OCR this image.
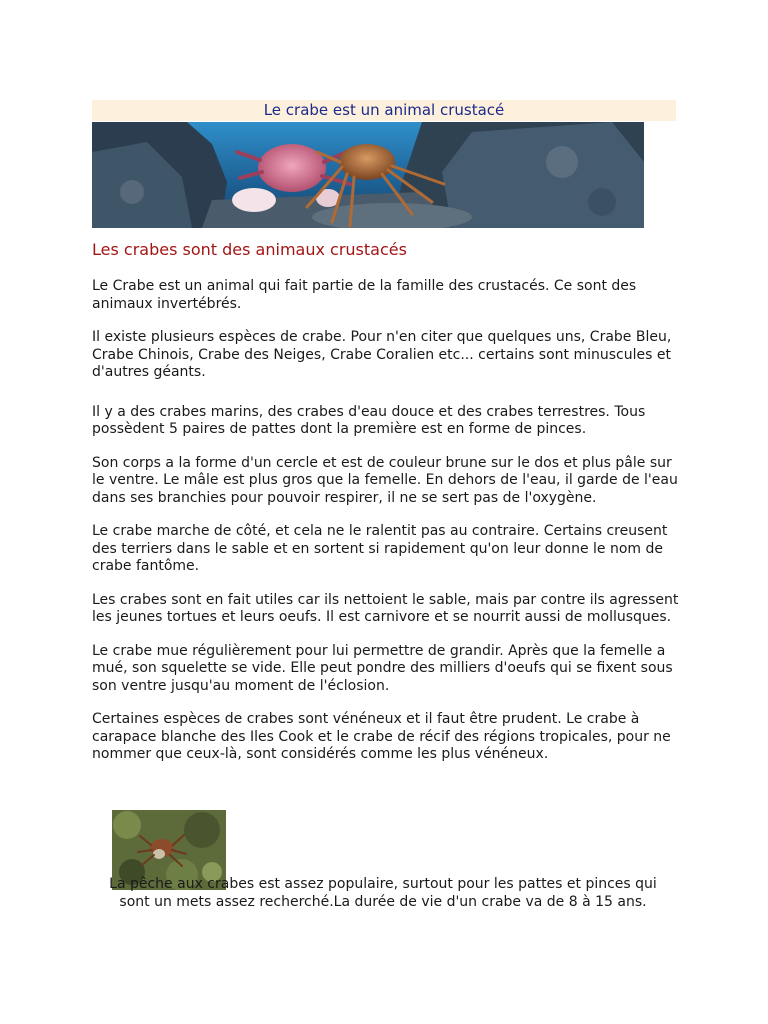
Le crabe est un animal crustacé
Les crabes sont des animaux crustacés

Le Crabe est un animal qui fait partie de la famille des crustacés. Ce sont des animaux invertébrés.

Il existe plusieurs espèces de crabe. Pour n'en citer que quelques uns, Crabe Bleu, Crabe Chinois, Crabe des Neiges, Crabe Coralien etc... certains sont minuscules et d'autres géants.

Il y a des crabes marins, des crabes d'eau douce et des crabes terrestres. Tous possèdent 5 paires de pattes dont la première est en forme de pinces.

Son corps a la forme d'un cercle et est de couleur brune sur le dos et plus pâle sur le ventre. Le mâle est plus gros que la femelle. En dehors de l'eau, il garde de l'eau dans ses branchies pour pouvoir respirer, il ne se sert pas de l'oxygène.

Le crabe marche de côté, et cela ne le ralentit pas au contraire. Certains creusent des terriers dans le sable et en sortent si rapidement qu'on leur donne le nom de crabe fantôme.

Les crabes sont en fait utiles car ils nettoient le sable, mais par contre ils agressent les jeunes tortues et leurs oeufs. Il est carnivore et se nourrit aussi de mollusques.

Le crabe mue régulièrement pour lui permettre de grandir. Après que la femelle a mué, son squelette se vide. Elle peut pondre des milliers d'oeufs qui se fixent sous son ventre jusqu'au moment de l'éclosion.

Certaines espèces de crabes sont vénéneux et il faut être prudent. Le crabe à carapace blanche des Iles Cook et le crabe de récif des régions tropicales, pour ne nommer que ceux-là, sont considérés comme les plus vénéneux.

La pêche aux crabes est assez populaire, surtout pour les pattes et pinces qui sont un mets assez recherché.La durée de vie d'un crabe va de 8 à 15 ans.
